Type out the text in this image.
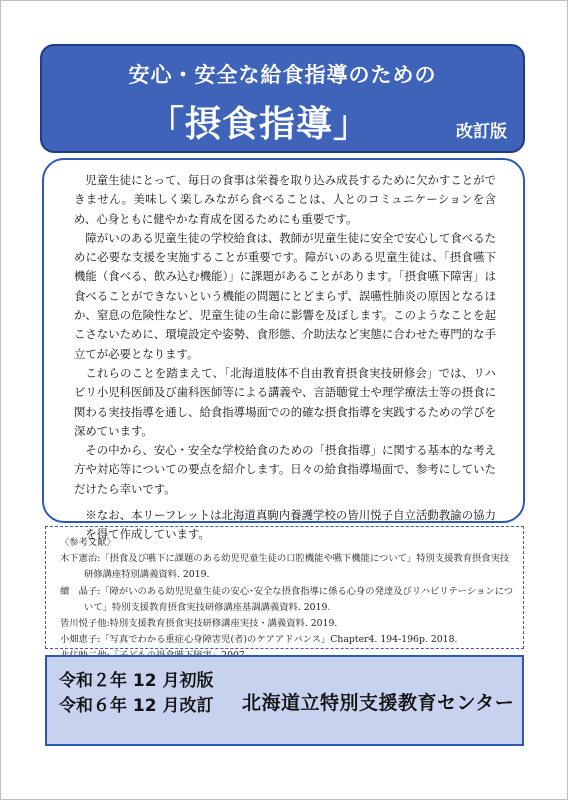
安心・安全な給食指導のための
「摂食指導」	改訂版

児童生徒にとって、毎日の食事は栄養を取り込み成長するために欠かすことができません。美味しく楽しみながら食べることは、人とのコミュニケーションを含め、心身ともに健やかな育成を図るためにも重要です。

障がいのある児童生徒の学校給食は、教師が児童生徒に安全で安心して食べるために必要な支援を実施することが重要です。障がいのある児童生徒は、「摂食嚥下機能（食べる、飲み込む機能）」に課題があることがあります。「摂食嚥下障害」は食べることができないという機能の問題にとどまらず、誤嚥性肺炎の原因となるほか、窒息の危険性など、児童生徒の生命に影響を及ぼします。このようなことを起こさないために、環境設定や姿勢、食形態、介助法など実態に合わせた専門的な手立てが必要となります。

これらのことを踏まえて、「北海道肢体不自由教育摂食実技研修会」では、リハビリ小児科医師及び歯科医師等による講義や、言語聴覚士や理学療法士等の摂食に関わる実技指導を通し、給食指導場面での的確な摂食指導を実践するための学びを深めています。

その中から、安心・安全な学校給食のための「摂食指導」に関する基本的な考え方や対応等についての要点を紹介します。日々の給食指導場面で、参考にしていただけたら幸いです。

※なお、本リーフレットは北海道真駒内養護学校の皆川悦子自立活動教諭の協力を得て作成しています。

〈参考文献〉

木下憲治:「摂食及び嚥下に課題のある幼児児童生徒の口腔機能や嚥下機能について」特別支援教育摂食実技研修講座特別講義資料. 2019.

續　晶子:「障がいのある幼児児童生徒の安心･安全な摂食指導に係る心身の発達及びリハビリテーションについて」特別支援教育摂食実技研修講座基調講義資料. 2019.

皆川悦子他:特別支援教育摂食実技研修講座実技・講義資料. 2019.

小畑恵子:「写真でわかる重症心身障害児(者)のケアアドバンス」Chapter4. 194-196p. 2018.

令和２年 12 月初版
令和６年 12 月改訂 北海道立特別支援教育センター
